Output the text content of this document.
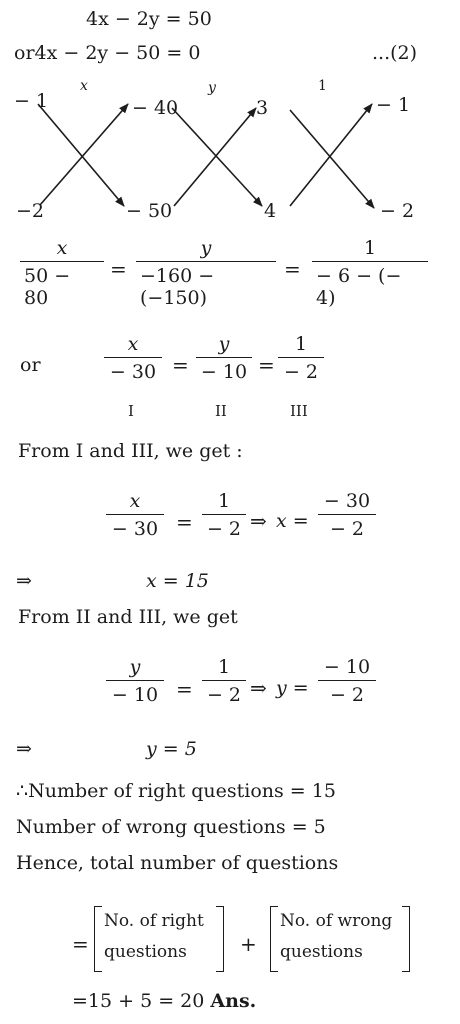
4x − 2y = 50
or4x − 2y − 50 = 0	...(2)
x	y	1
− 1	− 40	3	− 1
−2	− 50	4	− 2
x
50 − 80
=
y
−160 − (−150)
=
1
− 6 − (− 4)
or
x
− 30 =
y
− 10 =
1
− 2
I	II	III
From I and III, we get :
x
− 30 =
1
− 2 ⇒ x =
− 30
− 2
⇒	x = 15
From II and III, we get
y
− 10 =
1
− 2 ⇒ y =
− 10
− 2
⇒	y = 5
∴Number of right questions = 15
Number of wrong questions = 5
Hence, total number of questions
=
No. of right
questions	+
No. of wrong
questions
=15 + 5 = 20 Ans.
